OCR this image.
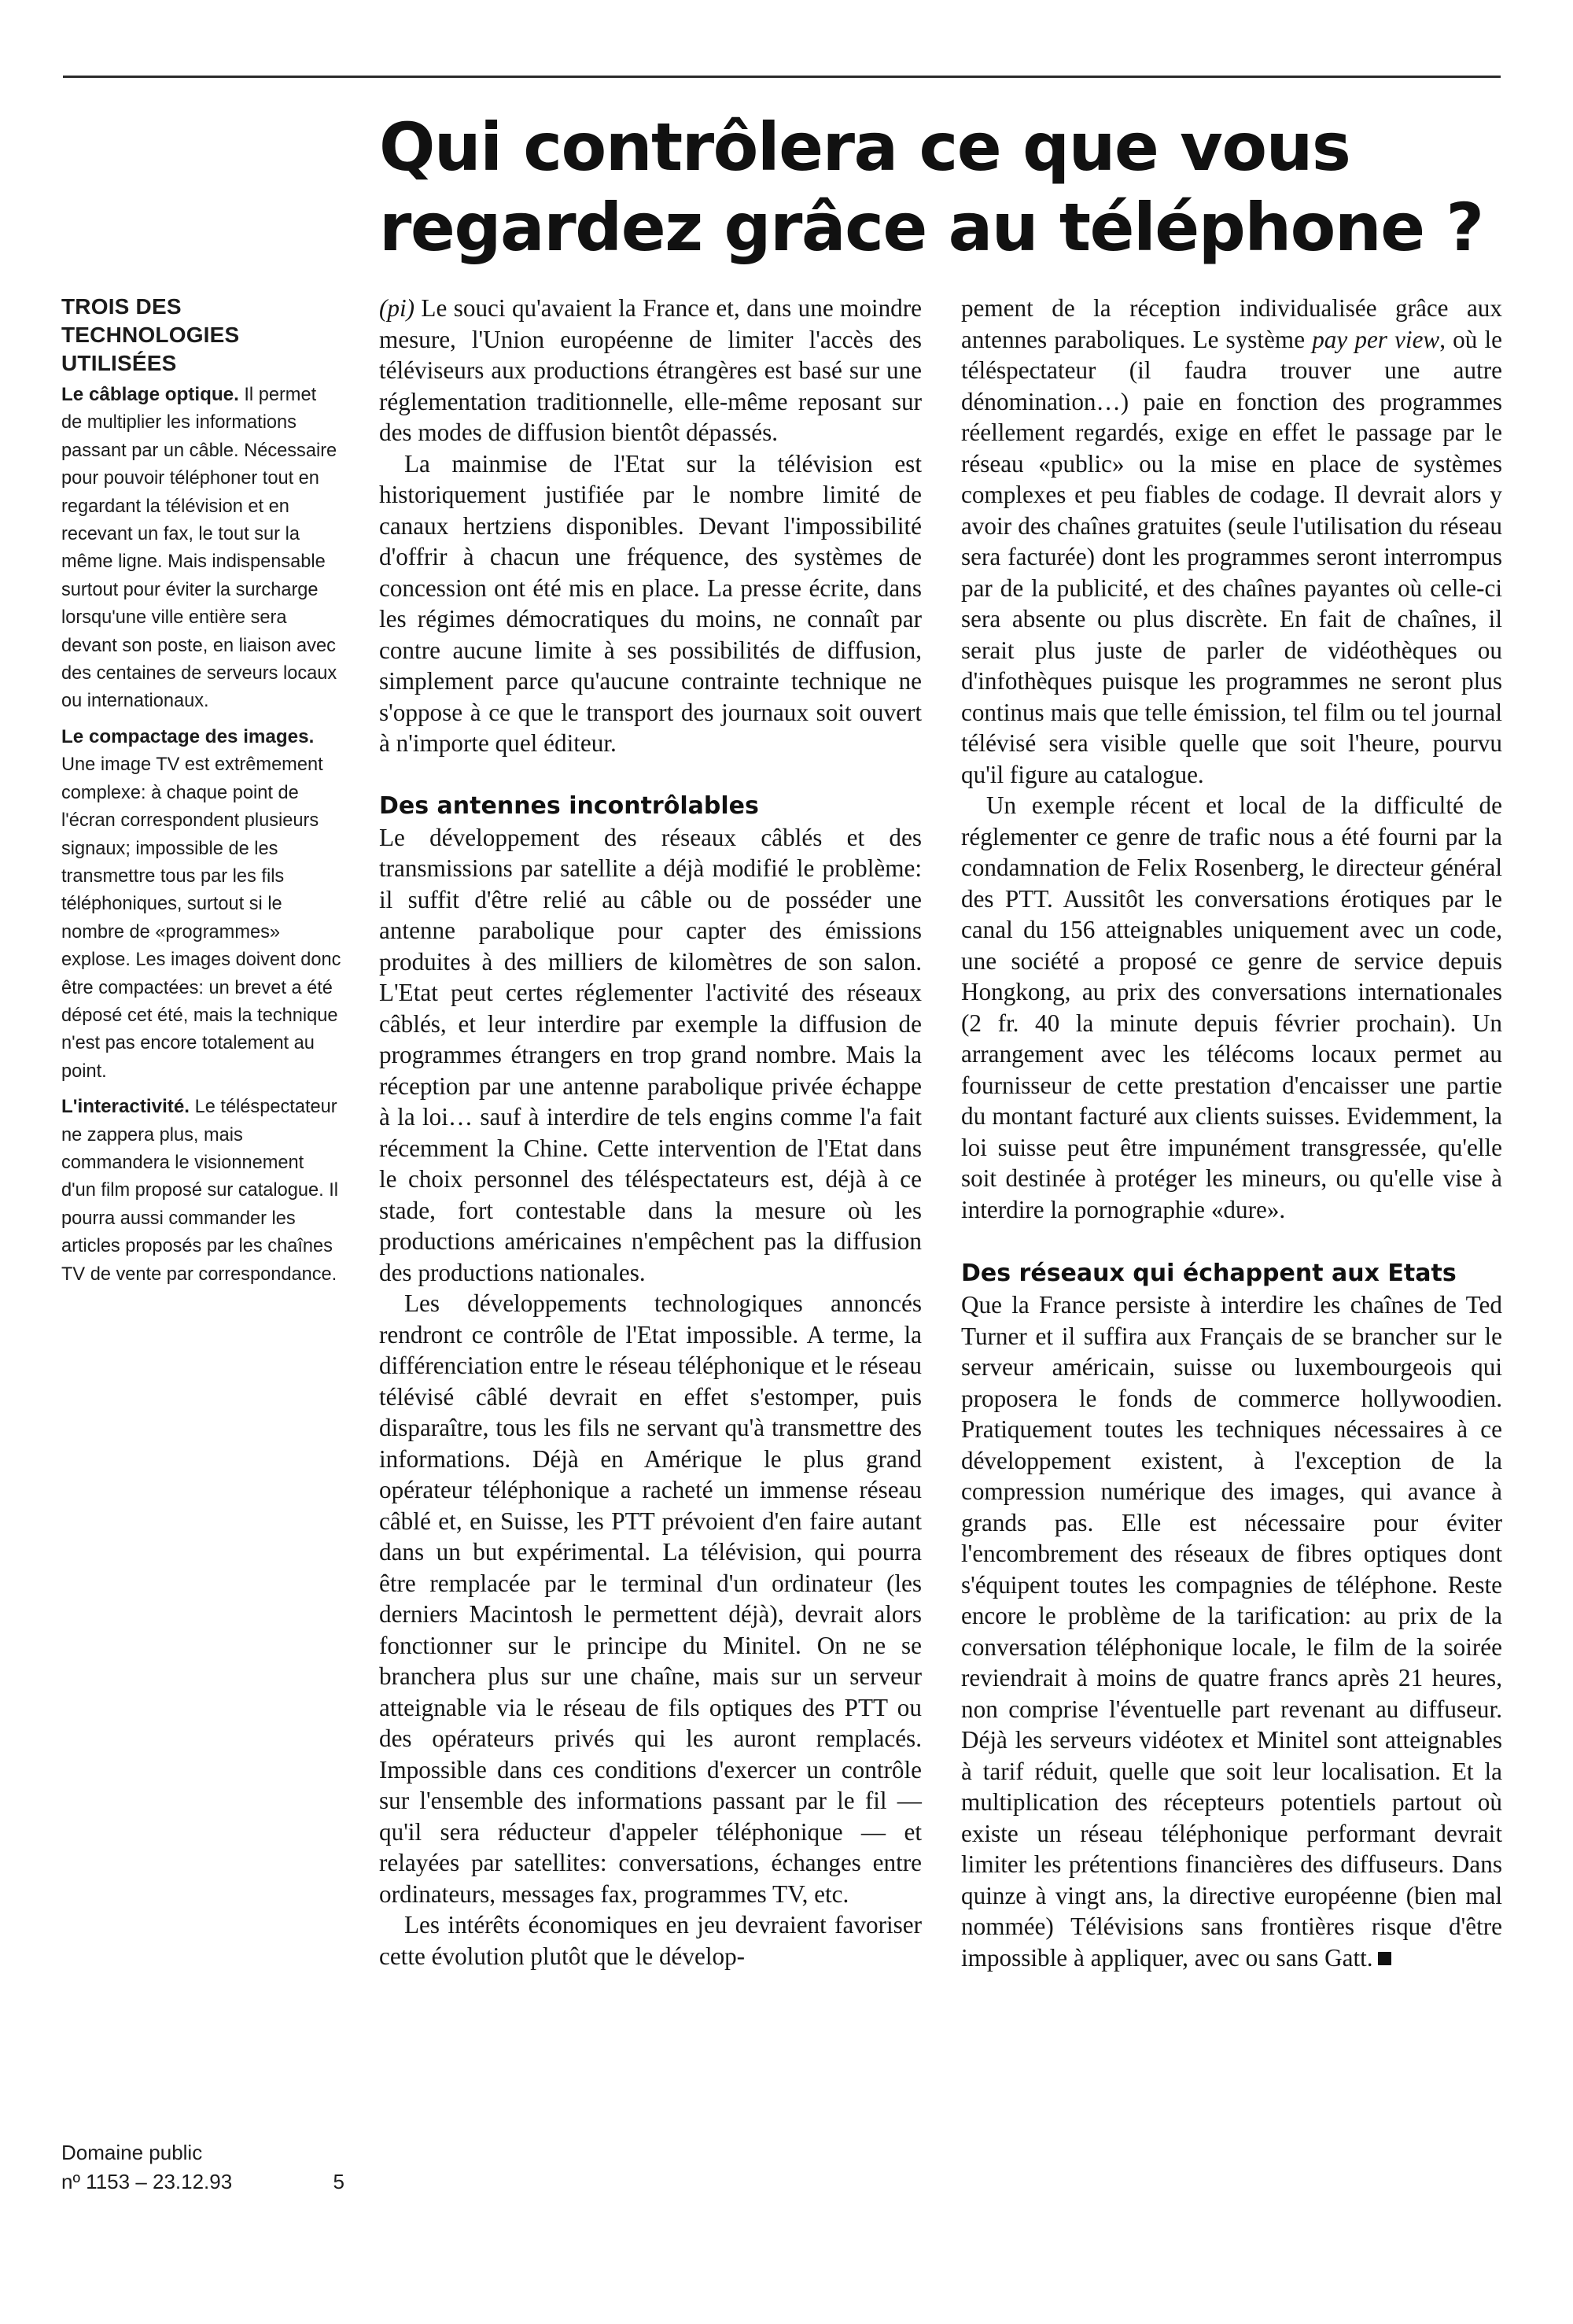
Qui contrôlera ce que vous
regardez grâce au téléphone ?
TROIS DES
TECHNOLOGIES
UTILISÉES

Le câblage optique. Il permet de multiplier les informations passant par un câble. Nécessaire pour pouvoir téléphoner tout en regardant la télévision et en recevant un fax, le tout sur la même ligne. Mais indispensable surtout pour éviter la surcharge lorsqu'une ville entière sera devant son poste, en liaison avec des centaines de serveurs locaux ou internationaux.

Le compactage des images. Une image TV est extrêmement complexe: à chaque point de l'écran correspondent plusieurs signaux; impossible de les transmettre tous par les fils téléphoniques, surtout si le nombre de «programmes» explose. Les images doivent donc être compactées: un brevet a été déposé cet été, mais la technique n'est pas encore totalement au point.

L'interactivité. Le téléspectateur ne zappera plus, mais commandera le visionnement d'un film proposé sur catalogue. Il pourra aussi commander les articles proposés par les chaînes TV de vente par correspondance.

Domaine public
nº 1153 – 23.12.93	5

(pi) Le souci qu'avaient la France et, dans une moindre mesure, l'Union européenne de limiter l'accès des téléviseurs aux productions étrangères est basé sur une réglementation traditionnelle, elle-même reposant sur des modes de diffusion bientôt dépassés.

La mainmise de l'Etat sur la télévision est historiquement justifiée par le nombre limité de canaux hertziens disponibles. Devant l'impossibilité d'offrir à chacun une fréquence, des systèmes de concession ont été mis en place. La presse écrite, dans les régimes démocratiques du moins, ne connaît par contre aucune limite à ses possibilités de diffusion, simplement parce qu'aucune contrainte technique ne s'oppose à ce que le transport des journaux soit ouvert à n'importe quel éditeur.

Des antennes incontrôlables

Le développement des réseaux câblés et des transmissions par satellite a déjà modifié le problème: il suffit d'être relié au câble ou de posséder une antenne parabolique pour capter des émissions produites à des milliers de kilomètres de son salon. L'Etat peut certes réglementer l'activité des réseaux câblés, et leur interdire par exemple la diffusion de programmes étrangers en trop grand nombre. Mais la réception par une antenne parabolique privée échappe à la loi… sauf à interdire de tels engins comme l'a fait récemment la Chine. Cette intervention de l'Etat dans le choix personnel des téléspectateurs est, déjà à ce stade, fort contestable dans la mesure où les productions américaines n'empêchent pas la diffusion des productions nationales.

Les développements technologiques annoncés rendront ce contrôle de l'Etat impossible. A terme, la différenciation entre le réseau téléphonique et le réseau télévisé câblé devrait en effet s'estomper, puis disparaître, tous les fils ne servant qu'à transmettre des informations. Déjà en Amérique le plus grand opérateur téléphonique a racheté un immense réseau câblé et, en Suisse, les PTT prévoient d'en faire autant dans un but expérimental. La télévision, qui pourra être remplacée par le terminal d'un ordinateur (les derniers Macintosh le permettent déjà), devrait alors fonctionner sur le principe du Minitel. On ne se branchera plus sur une chaîne, mais sur un serveur atteignable via le réseau de fils optiques des PTT ou des opérateurs privés qui les auront remplacés. Impossible dans ces conditions d'exercer un contrôle sur l'ensemble des informations passant par le fil — qu'il sera réducteur d'appeler téléphonique — et relayées par satellites: conversations, échanges entre ordinateurs, messages fax, programmes TV, etc.

Les intérêts économiques en jeu devraient favoriser cette évolution plutôt que le dévelop-

pement de la réception individualisée grâce aux antennes paraboliques. Le système pay per view, où le téléspectateur (il faudra trouver une autre dénomination…) paie en fonction des programmes réellement regardés, exige en effet le passage par le réseau «public» ou la mise en place de systèmes complexes et peu fiables de codage. Il devrait alors y avoir des chaînes gratuites (seule l'utilisation du réseau sera facturée) dont les programmes seront interrompus par de la publicité, et des chaînes payantes où celle-ci sera absente ou plus discrète. En fait de chaînes, il serait plus juste de parler de vidéothèques ou d'infothèques puisque les programmes ne seront plus continus mais que telle émission, tel film ou tel journal télévisé sera visible quelle que soit l'heure, pourvu qu'il figure au catalogue.

Un exemple récent et local de la difficulté de réglementer ce genre de trafic nous a été fourni par la condamnation de Felix Rosenberg, le directeur général des PTT. Aussitôt les conversations érotiques par le canal du 156 atteignables uniquement avec un code, une société a proposé ce genre de service depuis Hongkong, au prix des conversations internationales (2 fr. 40 la minute depuis février prochain). Un arrangement avec les télécoms locaux permet au fournisseur de cette prestation d'encaisser une partie du montant facturé aux clients suisses. Evidemment, la loi suisse peut être impunément transgressée, qu'elle soit destinée à protéger les mineurs, ou qu'elle vise à interdire la pornographie «dure».

Des réseaux qui échappent aux Etats

Que la France persiste à interdire les chaînes de Ted Turner et il suffira aux Français de se brancher sur le serveur américain, suisse ou luxembourgeois qui proposera le fonds de commerce hollywoodien. Pratiquement toutes les techniques nécessaires à ce développement existent, à l'exception de la compression numérique des images, qui avance à grands pas. Elle est nécessaire pour éviter l'encombrement des réseaux de fibres optiques dont s'équipent toutes les compagnies de téléphone. Reste encore le problème de la tarification: au prix de la conversation téléphonique locale, le film de la soirée reviendrait à moins de quatre francs après 21 heures, non comprise l'éventuelle part revenant au diffuseur. Déjà les serveurs vidéotex et Minitel sont atteignables à tarif réduit, quelle que soit leur localisation. Et la multiplication des récepteurs potentiels partout où existe un réseau téléphonique performant devrait limiter les prétentions financières des diffuseurs. Dans quinze à vingt ans, la directive européenne (bien mal nommée) Télévisions sans frontières risque d'être impossible à appliquer, avec ou sans Gatt.
